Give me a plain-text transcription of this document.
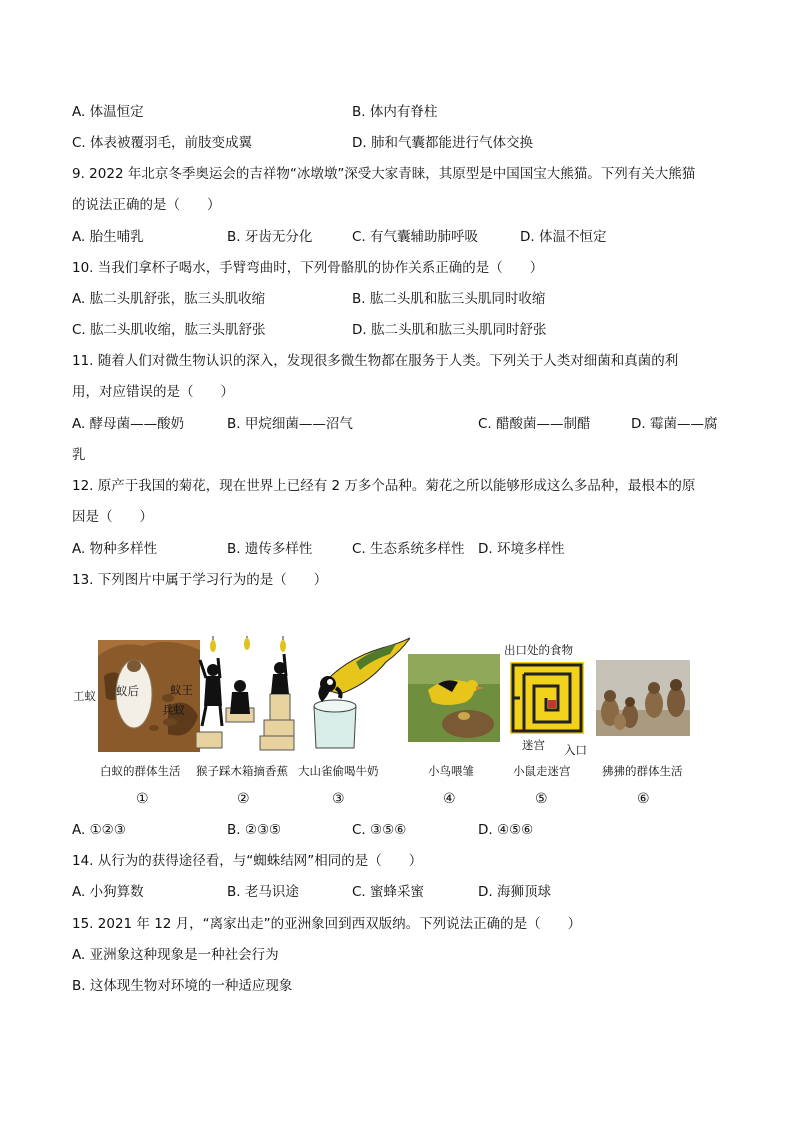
A. 体温恒定	B. 体内有脊柱
C. 体表被覆羽毛，前肢变成翼	D. 肺和气囊都能进行气体交换
9. 2022 年北京冬季奥运会的吉祥物“冰墩墩”深受大家青睐，其原型是中国国宝大熊猫。下列有关大熊猫
的说法正确的是（　　）
A. 胎生哺乳	B. 牙齿无分化	C. 有气囊辅助肺呼吸	D. 体温不恒定
10. 当我们拿杯子喝水，手臂弯曲时，下列骨骼肌的协作关系正确的是（　　）
A. 肱二头肌舒张，肱三头肌收缩	B. 肱二头肌和肱三头肌同时收缩
C. 肱二头肌收缩，肱三头肌舒张	D. 肱二头肌和肱三头肌同时舒张
11. 随着人们对微生物认识的深入，发现很多微生物都在服务于人类。下列关于人类对细菌和真菌的利
用，对应错误的是（　　）
A. 酵母菌——酸奶	B. 甲烷细菌——沼气	C. 醋酸菌——制醋	D. 霉菌——腐
乳
12. 原产于我国的菊花，现在世界上已经有 2 万多个品种。菊花之所以能够形成这么多品种，最根本的原
因是（　　）
A. 物种多样性	B. 遗传多样性	C. 生态系统多样性 D. 环境多样性
13. 下列图片中属于学习行为的是（　　）
工蚁 蚁后	蚁王
兵蚁
出口处的食物
迷宫 入口
白蚁的群体生活 猴子踩木箱摘香蕉 大山雀偷喝牛奶	小鸟喂雏	小鼠走迷宫	狒狒的群体生活
①	②	③	④	⑤	⑥
A. ①②③	B. ②③⑤	C. ③⑤⑥	D. ④⑤⑥
14. 从行为的获得途径看，与“蜘蛛结网”相同的是（　　）
A. 小狗算数	B. 老马识途	C. 蜜蜂采蜜	D. 海狮顶球
15. 2021 年 12 月，“离家出走”的亚洲象回到西双版纳。下列说法正确的是（　　）
A. 亚洲象这种现象是一种社会行为
B. 这体现生物对环境的一种适应现象
